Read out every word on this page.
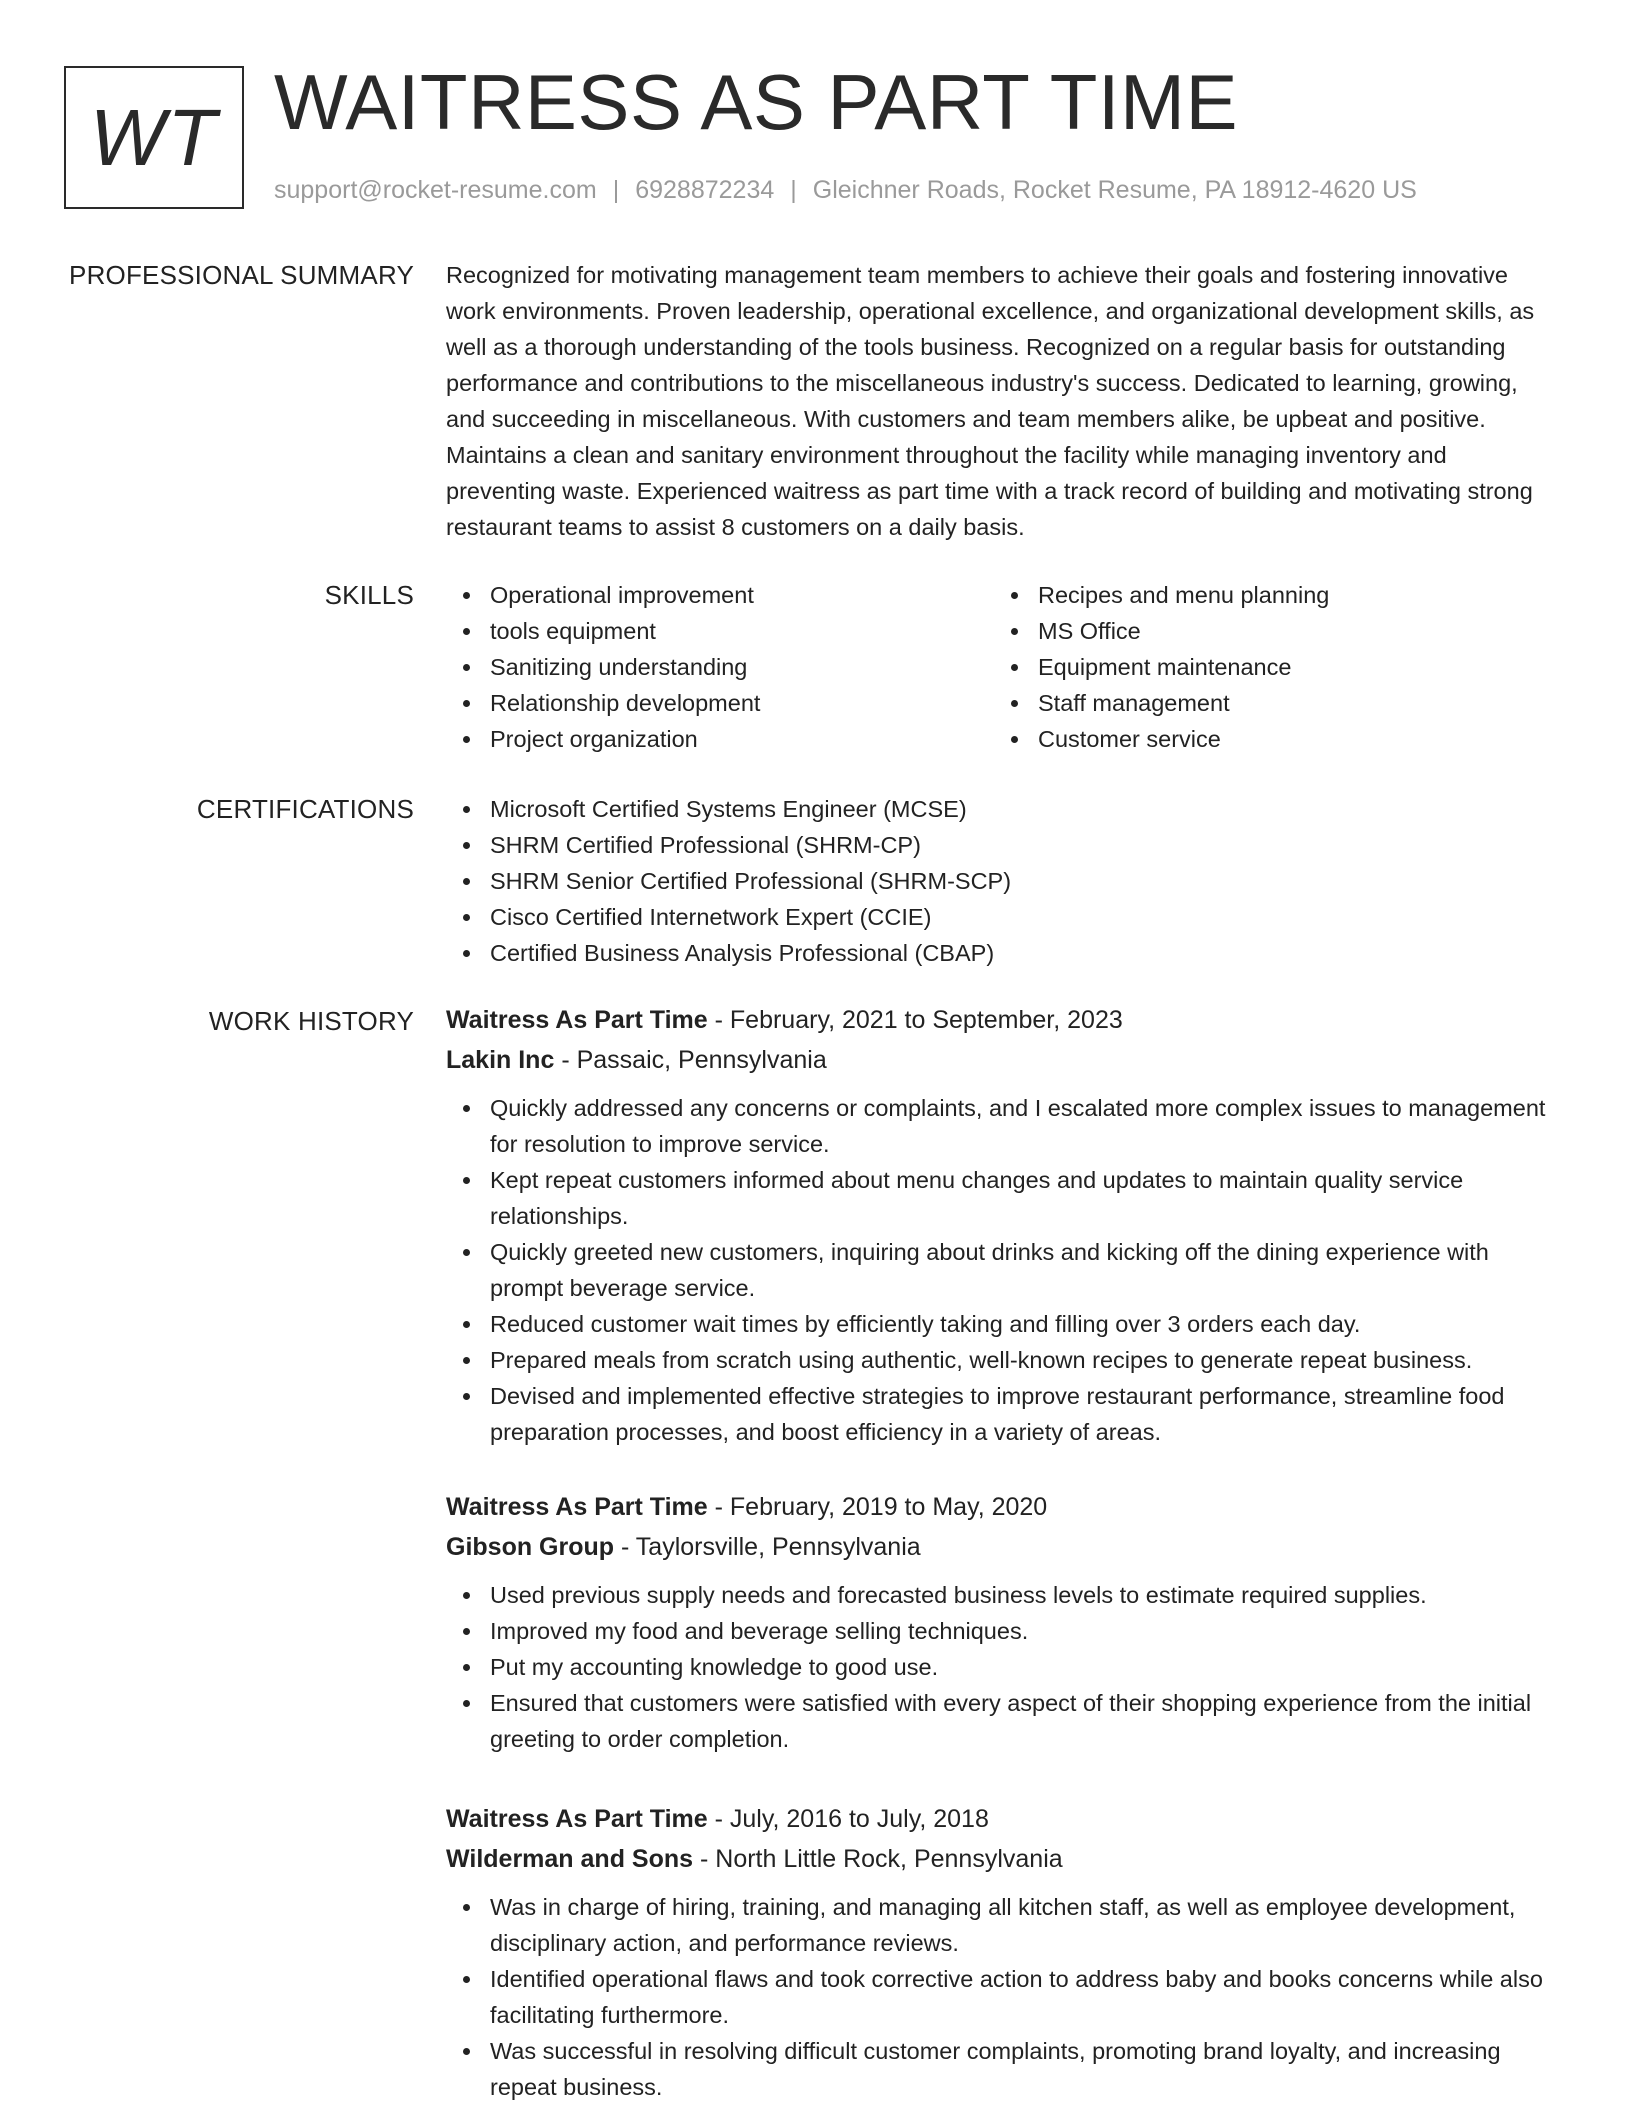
WT WAITRESS AS PART TIME
support@rocket-resume.com | 6928872234 | Gleichner Roads, Rocket Resume, PA 18912-4620 US
PROFESSIONAL SUMMARY Recognized for motivating management team members to achieve their goals and fostering innovative work environments. Proven leadership, operational excellence, and organizational development skills, as well as a thorough understanding of the tools business. Recognized on a regular basis for outstanding performance and contributions to the miscellaneous industry's success. Dedicated to learning, growing, and succeeding in miscellaneous. With customers and team members alike, be upbeat and positive. Maintains a clean and sanitary environment throughout the facility while managing inventory and preventing waste. Experienced waitress as part time with a track record of building and motivating strong restaurant teams to assist 8 customers on a daily basis.
SKILLS	Operational improvement
tools equipment
Sanitizing understanding
Relationship development
Project organization
Recipes and menu planning
MS Office
Equipment maintenance
Staff management
Customer service
CERTIFICATIONS	Microsoft Certified Systems Engineer (MCSE)
SHRM Certified Professional (SHRM-CP)
SHRM Senior Certified Professional (SHRM-SCP)
Cisco Certified Internetwork Expert (CCIE)
Certified Business Analysis Professional (CBAP)
WORK HISTORY Waitress As Part Time - February, 2021 to September, 2023
Lakin Inc - Passaic, Pennsylvania
Quickly addressed any concerns or complaints, and I escalated more complex issues to management for resolution to improve service.
Kept repeat customers informed about menu changes and updates to maintain quality service relationships.
Quickly greeted new customers, inquiring about drinks and kicking off the dining experience with prompt beverage service.
Reduced customer wait times by efficiently taking and filling over 3 orders each day.
Prepared meals from scratch using authentic, well-known recipes to generate repeat business.
Devised and implemented effective strategies to improve restaurant performance, streamline food preparation processes, and boost efficiency in a variety of areas.
Waitress As Part Time - February, 2019 to May, 2020
Gibson Group - Taylorsville, Pennsylvania
Used previous supply needs and forecasted business levels to estimate required supplies.
Improved my food and beverage selling techniques.
Put my accounting knowledge to good use.
Ensured that customers were satisfied with every aspect of their shopping experience from the initial greeting to order completion.
Waitress As Part Time - July, 2016 to July, 2018
Wilderman and Sons - North Little Rock, Pennsylvania
Was in charge of hiring, training, and managing all kitchen staff, as well as employee development, disciplinary action, and performance reviews.
Identified operational flaws and took corrective action to address baby and books concerns while also facilitating furthermore.
Was successful in resolving difficult customer complaints, promoting brand loyalty, and increasing repeat business.
